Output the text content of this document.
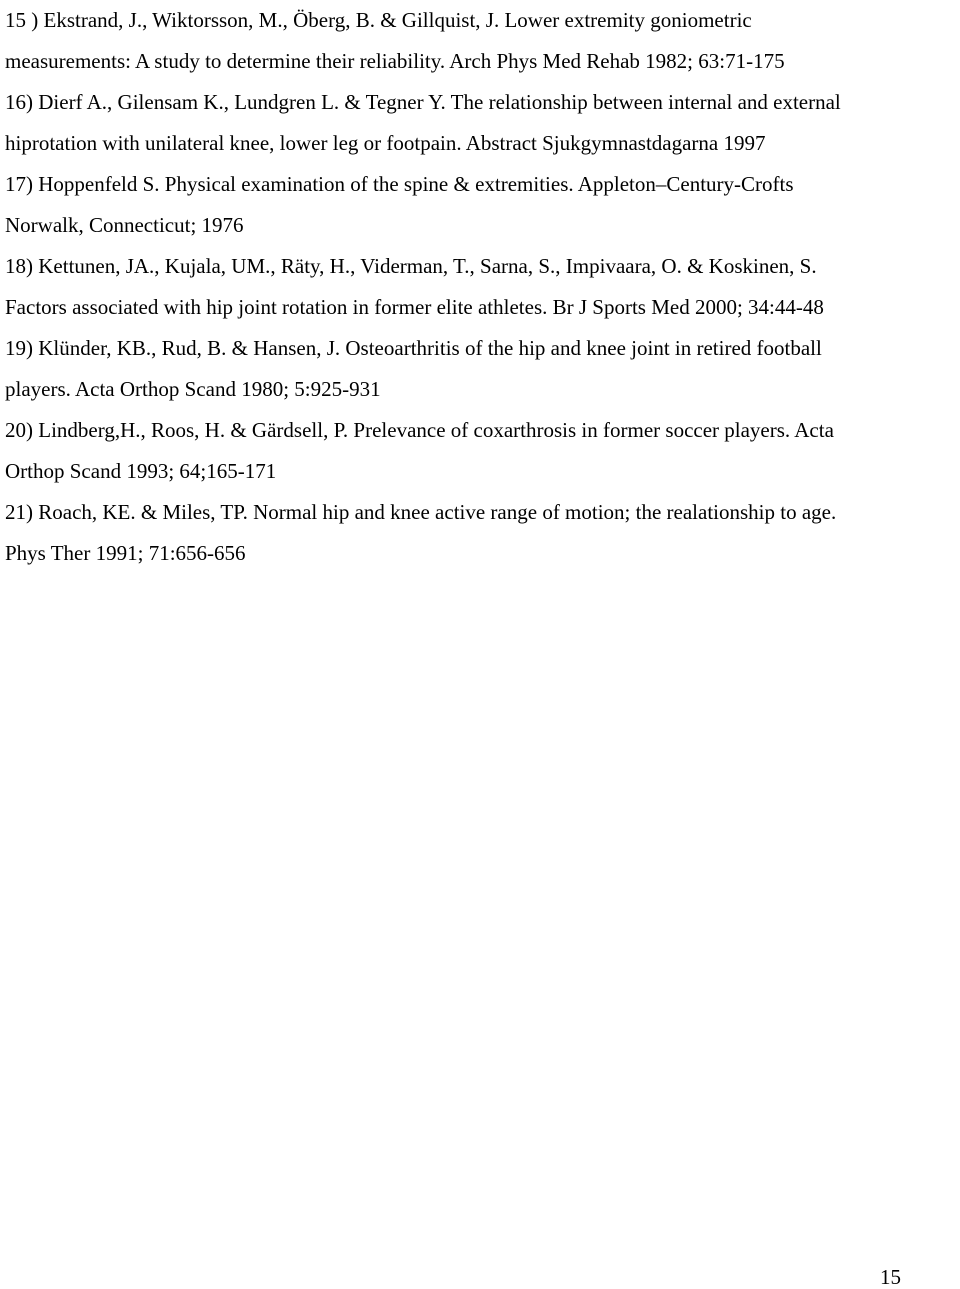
15 ) Ekstrand, J., Wiktorsson, M., Öberg, B. & Gillquist, J. Lower extremity goniometric

measurements: A study to determine their reliability. Arch Phys Med Rehab 1982; 63:71-175

16) Dierf A., Gilensam K., Lundgren L. & Tegner Y. The relationship between internal and external

hiprotation with unilateral knee, lower leg or footpain. Abstract Sjukgymnastdagarna 1997

17) Hoppenfeld S. Physical examination of the spine & extremities. Appleton–Century-Crofts

Norwalk, Connecticut; 1976

18) Kettunen, JA., Kujala, UM., Räty, H., Viderman, T., Sarna, S., Impivaara, O. & Koskinen, S.

Factors associated with hip joint rotation in former elite athletes. Br J Sports Med 2000; 34:44-48

19) Klünder, KB., Rud, B. & Hansen, J. Osteoarthritis of the hip and knee joint in retired football

players. Acta Orthop Scand 1980; 5:925-931

20) Lindberg,H., Roos, H. & Gärdsell, P. Prelevance of coxarthrosis in former soccer players. Acta

Orthop Scand 1993; 64;165-171

21) Roach, KE. & Miles, TP. Normal hip and knee active range of motion; the realationship to age.

Phys Ther 1991; 71:656-656

15
